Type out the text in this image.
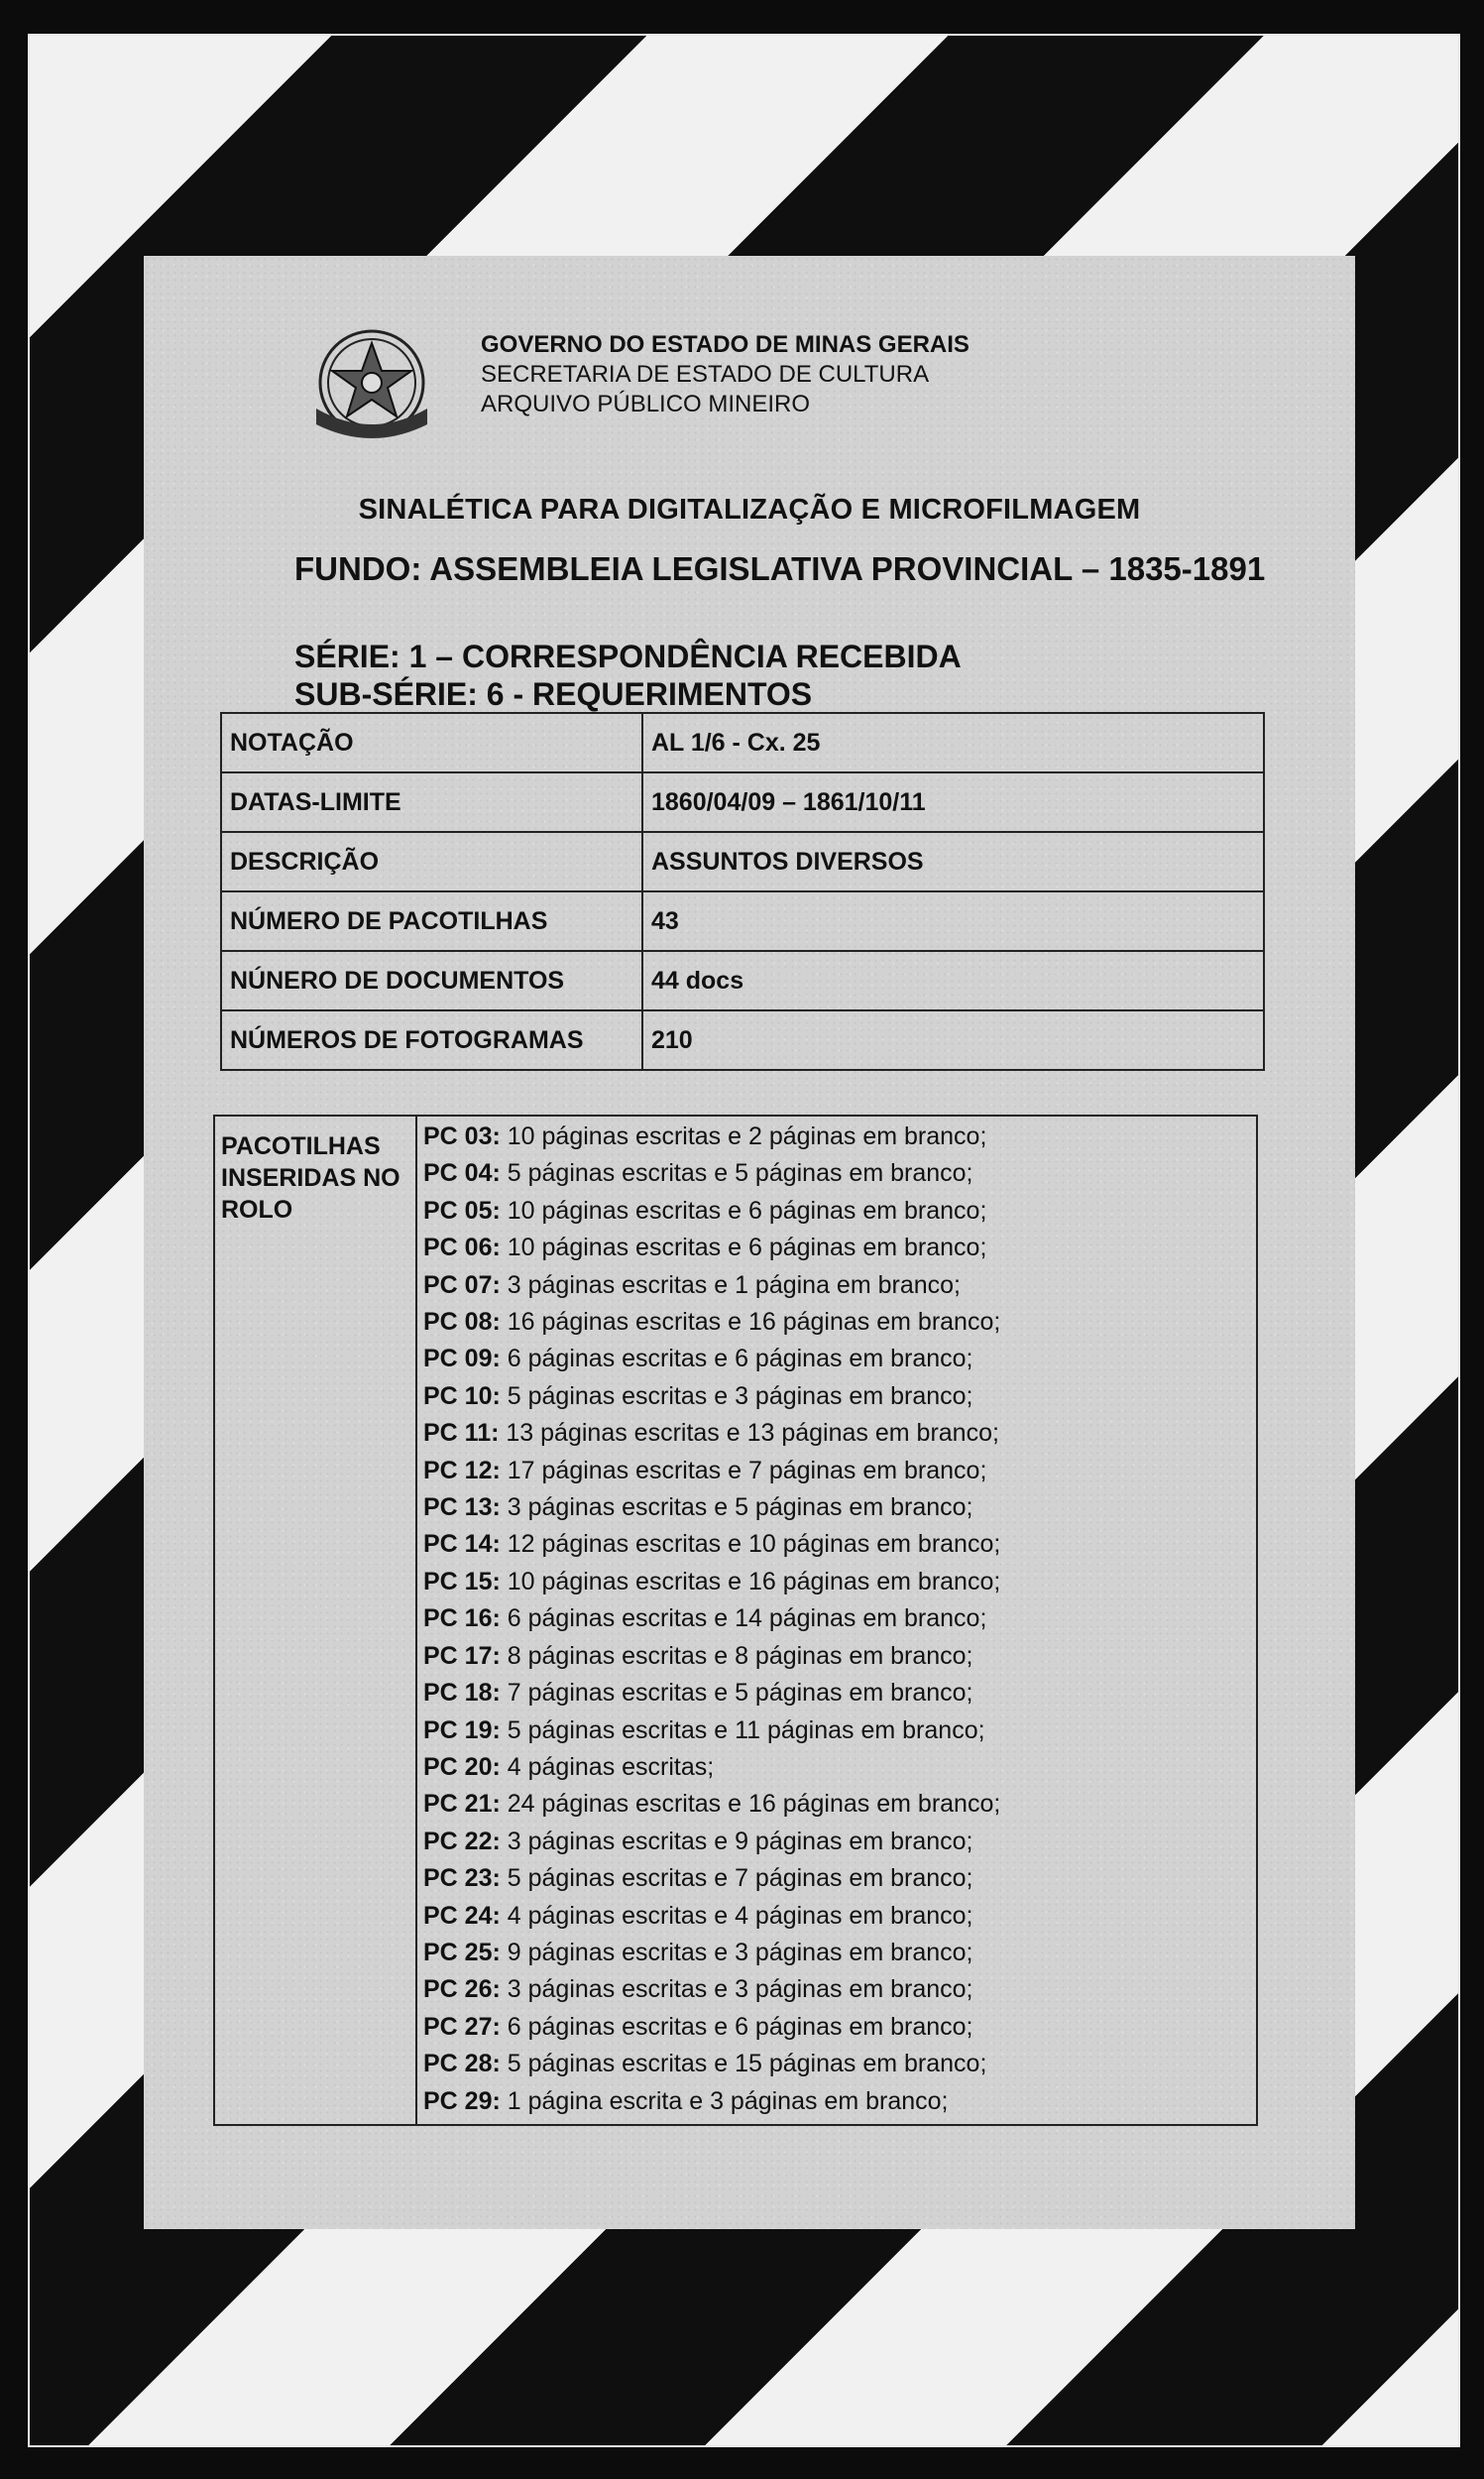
GOVERNO DO ESTADO DE MINAS GERAIS
SECRETARIA DE ESTADO DE CULTURA
ARQUIVO PÚBLICO MINEIRO
SINALÉTICA PARA DIGITALIZAÇÃO E MICROFILMAGEM
FUNDO: ASSEMBLEIA LEGISLATIVA PROVINCIAL – 1835-1891
SÉRIE: 1 – CORRESPONDÊNCIA RECEBIDA
SUB-SÉRIE: 6 - REQUERIMENTOS
NOTAÇÃO	AL 1/6 - Cx. 25
DATAS-LIMITE	1860/04/09 – 1861/10/11
DESCRIÇÃO	ASSUNTOS DIVERSOS
NÚMERO DE PACOTILHAS	43
NÚNERO DE DOCUMENTOS	44 docs
NÚMEROS DE FOTOGRAMAS	210
PACOTILHAS INSERIDAS NO ROLO	
PC 03: 10 páginas escritas e 2 páginas em branco;
PC 04: 5 páginas escritas e 5 páginas em branco;
PC 05: 10 páginas escritas e 6 páginas em branco;
PC 06: 10 páginas escritas e 6 páginas em branco;
PC 07: 3 páginas escritas e 1 página em branco;
PC 08: 16 páginas escritas e 16 páginas em branco;
PC 09: 6 páginas escritas e 6 páginas em branco;
PC 10: 5 páginas escritas e 3 páginas em branco;
PC 11: 13 páginas escritas e 13 páginas em branco;
PC 12: 17 páginas escritas e 7 páginas em branco;
PC 13: 3 páginas escritas e 5 páginas em branco;
PC 14: 12 páginas escritas e 10 páginas em branco;
PC 15: 10 páginas escritas e 16 páginas em branco;
PC 16: 6 páginas escritas e 14 páginas em branco;
PC 17: 8 páginas escritas e 8 páginas em branco;
PC 18: 7 páginas escritas e 5 páginas em branco;
PC 19: 5 páginas escritas e 11 páginas em branco;
PC 20: 4 páginas escritas;
PC 21: 24 páginas escritas e 16 páginas em branco;
PC 22: 3 páginas escritas e 9 páginas em branco;
PC 23: 5 páginas escritas e 7 páginas em branco;
PC 24: 4 páginas escritas e 4 páginas em branco;
PC 25: 9 páginas escritas e 3 páginas em branco;
PC 26: 3 páginas escritas e 3 páginas em branco;
PC 27: 6 páginas escritas e 6 páginas em branco;
PC 28: 5 páginas escritas e 15 páginas em branco;
PC 29: 1 página escrita e 3 páginas em branco;
